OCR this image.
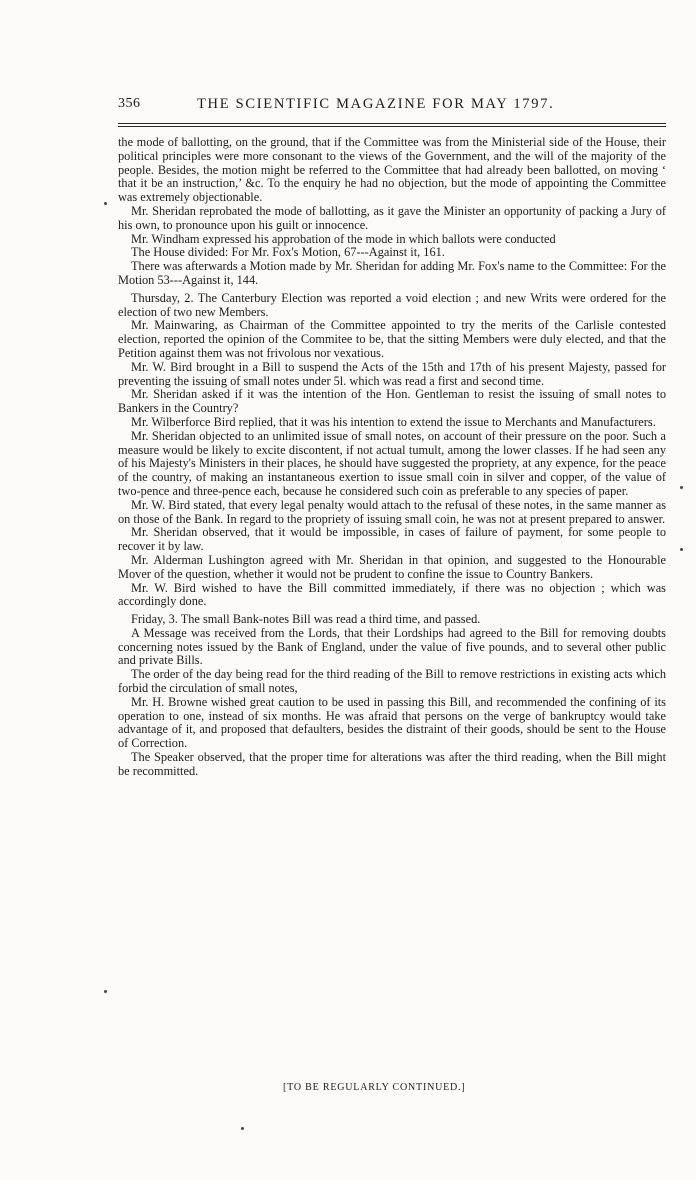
356	THE SCIENTIFIC MAGAZINE FOR MAY 1797.

the mode of ballotting, on the ground, that if the Committee was from the Ministerial side of the House, their political principles were more consonant to the views of the Government, and the will of the majority of the people. Besides, the motion might be referred to the Committee that had already been ballotted, on moving ‘ that it be an instruction,’ &c. To the enquiry he had no objection, but the mode of appointing the Committee was extremely objectionable.

Mr. Sheridan reprobated the mode of ballotting, as it gave the Minister an opportunity of packing a Jury of his own, to pronounce upon his guilt or innocence.

Mr. Windham expressed his approbation of the mode in which ballots were conducted

The House divided: For Mr. Fox's Motion, 67---Against it, 161.

There was afterwards a Motion made by Mr. Sheridan for adding Mr. Fox's name to the Committee: For the Motion 53---Against it, 144.

Thursday, 2. The Canterbury Election was reported a void election ; and new Writs were ordered for the election of two new Members.

Mr. Mainwaring, as Chairman of the Committee appointed to try the merits of the Carlisle contested election, reported the opinion of the Commitee to be, that the sitting Members were duly elected, and that the Petition against them was not frivolous nor vexatious.

Mr. W. Bird brought in a Bill to suspend the Acts of the 15th and 17th of his present Majesty, passed for preventing the issuing of small notes under 5l. which was read a first and second time.

Mr. Sheridan asked if it was the intention of the Hon. Gentleman to resist the issuing of small notes to Bankers in the Country?

Mr. Wilberforce Bird replied, that it was his intention to extend the issue to Merchants and Manufacturers.

Mr. Sheridan objected to an unlimited issue of small notes, on account of their pressure on the poor. Such a measure would be likely to excite discontent, if not actual tumult, among the lower classes. If he had seen any of his Majesty's Ministers in their places, he should have suggested the propriety, at any expence, for the peace of the country, of making an instantaneous exertion to issue small coin in silver and copper, of the value of two-pence and three-pence each, because he considered such coin as preferable to any species of paper.

Mr. W. Bird stated, that every legal penalty would attach to the refusal of these notes, in the same manner as on those of the Bank. In regard to the propriety of issuing small coin, he was not at present prepared to answer.

Mr. Sheridan observed, that it would be impossible, in cases of failure of payment, for some people to recover it by law.

Mr. Alderman Lushington agreed with Mr. Sheridan in that opinion, and suggested to the Honourable Mover of the question, whether it would not be prudent to confine the issue to Country Bankers.

Mr. W. Bird wished to have the Bill committed immediately, if there was no objection ; which was accordingly done.

Friday, 3. The small Bank-notes Bill was read a third time, and passed.

A Message was received from the Lords, that their Lordships had agreed to the Bill for removing doubts concerning notes issued by the Bank of England, under the value of five pounds, and to several other public and private Bills.

The order of the day being read for the third reading of the Bill to remove restrictions in existing acts which forbid the circulation of small notes,

Mr. H. Browne wished great caution to be used in passing this Bill, and recommended the confining of its operation to one, instead of six months. He was afraid that persons on the verge of bankruptcy would take advantage of it, and proposed that defaulters, besides the distraint of their goods, should be sent to the House of Correction.

The Speaker observed, that the proper time for alterations was after the third reading, when the Bill might be recommitted.

[TO BE REGULARLY CONTINUED.]
